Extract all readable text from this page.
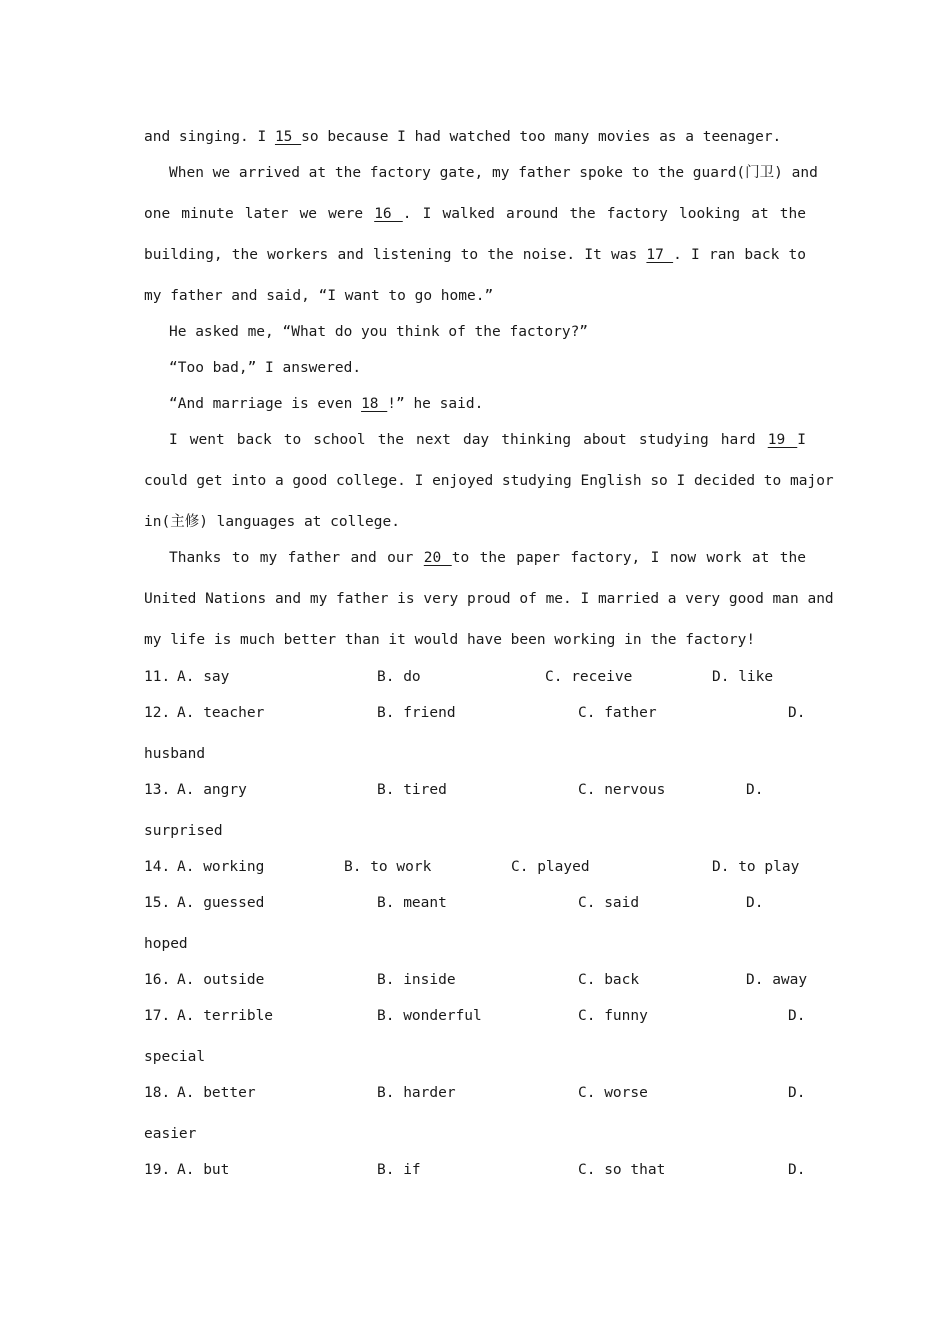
and singing. I 15 so because I had watched too many movies as a teenager.
When we arrived at the factory gate, my father spoke to the guard(门卫) and
one minute later we were 16 . I walked around the factory looking at the
building, the workers and listening to the noise. It was 17 . I ran back to
my father and said, “I want to go home.”
He asked me, “What do you think of the factory?”
“Too bad,” I answered.
“And marriage is even 18 !” he said.
I went back to school the next day thinking about studying hard 19 I
could get into a good college. I enjoyed studying English so I decided to major
in(主修) languages at college.
Thanks to my father and our 20 to the paper factory, I now work at the
United Nations and my father is very proud of me. I married a very good man and
my life is much better than it would have been working in the factory!
11. A. say	B. do	C. receive	D. like
12. A. teacher	B. friend	C. father	D.
husband
13. A. angry	B. tired	C. nervous	D.
surprised
14. A. working	B. to work	C. played	D. to play
15. A. guessed	B. meant	C. said	D.
hoped
16. A. outside	B. inside	C. back	D. away
17. A. terrible	B. wonderful	C. funny	D.
special
18. A. better	B. harder	C. worse	D.
easier
19. A. but	B. if	C. so that	D.
